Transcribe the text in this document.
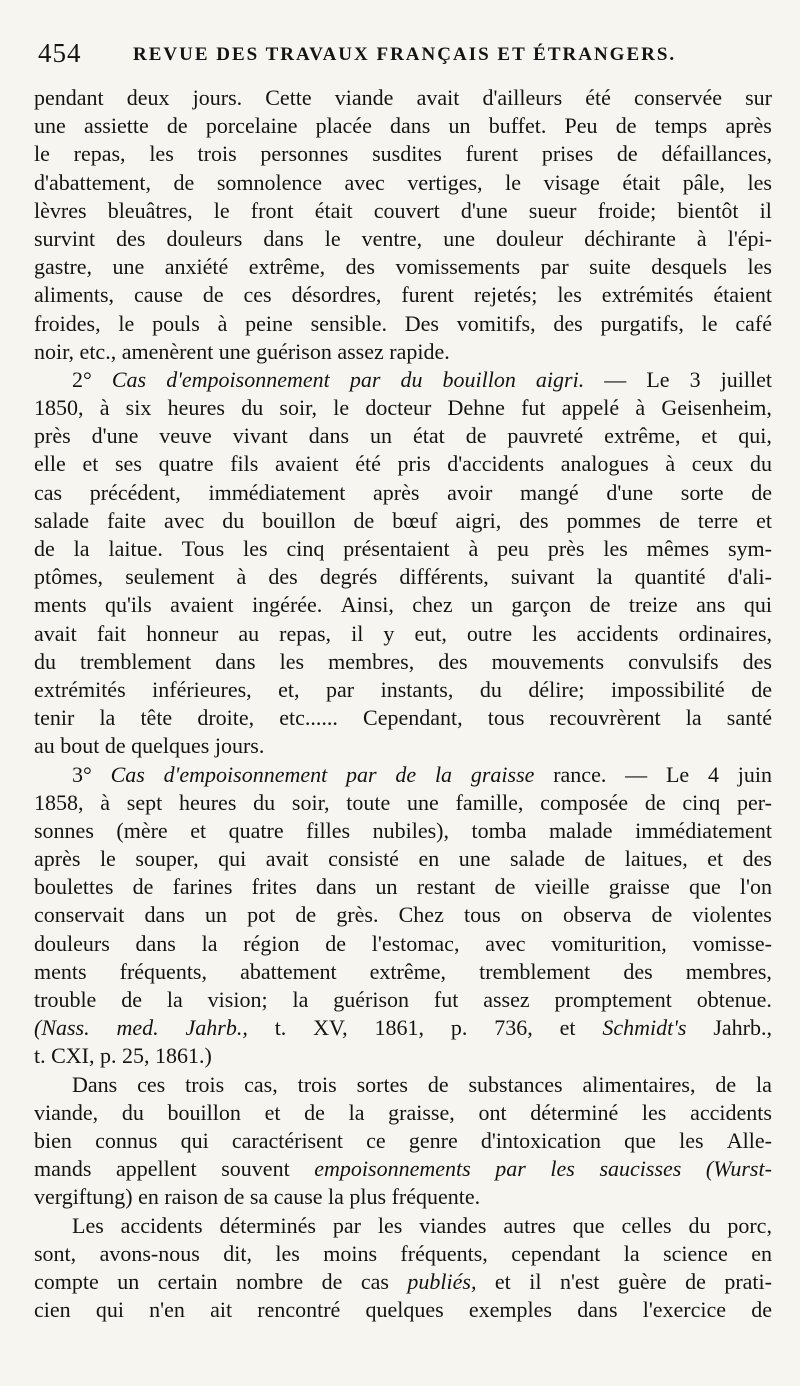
454	REVUE DES TRAVAUX FRANÇAIS ET ÉTRANGERS.
pendant deux jours. Cette viande avait d'ailleurs été conservée sur
une assiette de porcelaine placée dans un buffet. Peu de temps après
le repas, les trois personnes susdites furent prises de défaillances,
d'abattement, de somnolence avec vertiges, le visage était pâle, les
lèvres bleuâtres, le front était couvert d'une sueur froide; bientôt il
survint des douleurs dans le ventre, une douleur déchirante à l'épi-
gastre, une anxiété extrême, des vomissements par suite desquels les
aliments, cause de ces désordres, furent rejetés; les extrémités étaient
froides, le pouls à peine sensible. Des vomitifs, des purgatifs, le café
noir, etc., amenèrent une guérison assez rapide.
2° Cas d'empoisonnement par du bouillon aigri. — Le 3 juillet
1850, à six heures du soir, le docteur Dehne fut appelé à Geisenheim,
près d'une veuve vivant dans un état de pauvreté extrême, et qui,
elle et ses quatre fils avaient été pris d'accidents analogues à ceux du
cas précédent, immédiatement après avoir mangé d'une sorte de
salade faite avec du bouillon de bœuf aigri, des pommes de terre et
de la laitue. Tous les cinq présentaient à peu près les mêmes sym-
ptômes, seulement à des degrés différents, suivant la quantité d'ali-
ments qu'ils avaient ingérée. Ainsi, chez un garçon de treize ans qui
avait fait honneur au repas, il y eut, outre les accidents ordinaires,
du tremblement dans les membres, des mouvements convulsifs des
extrémités inférieures, et, par instants, du délire; impossibilité de
tenir la tête droite, etc...... Cependant, tous recouvrèrent la santé
au bout de quelques jours.
3° Cas d'empoisonnement par de la graisse rance. — Le 4 juin
1858, à sept heures du soir, toute une famille, composée de cinq per-
sonnes (mère et quatre filles nubiles), tomba malade immédiatement
après le souper, qui avait consisté en une salade de laitues, et des
boulettes de farines frites dans un restant de vieille graisse que l'on
conservait dans un pot de grès. Chez tous on observa de violentes
douleurs dans la région de l'estomac, avec vomiturition, vomisse-
ments fréquents, abattement extrême, tremblement des membres,
trouble de la vision; la guérison fut assez promptement obtenue.
(Nass. med. Jahrb., t. XV, 1861, p. 736, et Schmidt's Jahrb.,
t. CXI, p. 25, 1861.)
Dans ces trois cas, trois sortes de substances alimentaires, de la
viande, du bouillon et de la graisse, ont déterminé les accidents
bien connus qui caractérisent ce genre d'intoxication que les Alle-
mands appellent souvent empoisonnements par les saucisses (Wurst-
vergiftung) en raison de sa cause la plus fréquente.
Les accidents déterminés par les viandes autres que celles du porc,
sont, avons-nous dit, les moins fréquents, cependant la science en
compte un certain nombre de cas publiés, et il n'est guère de prati-
cien qui n'en ait rencontré quelques exemples dans l'exercice de
